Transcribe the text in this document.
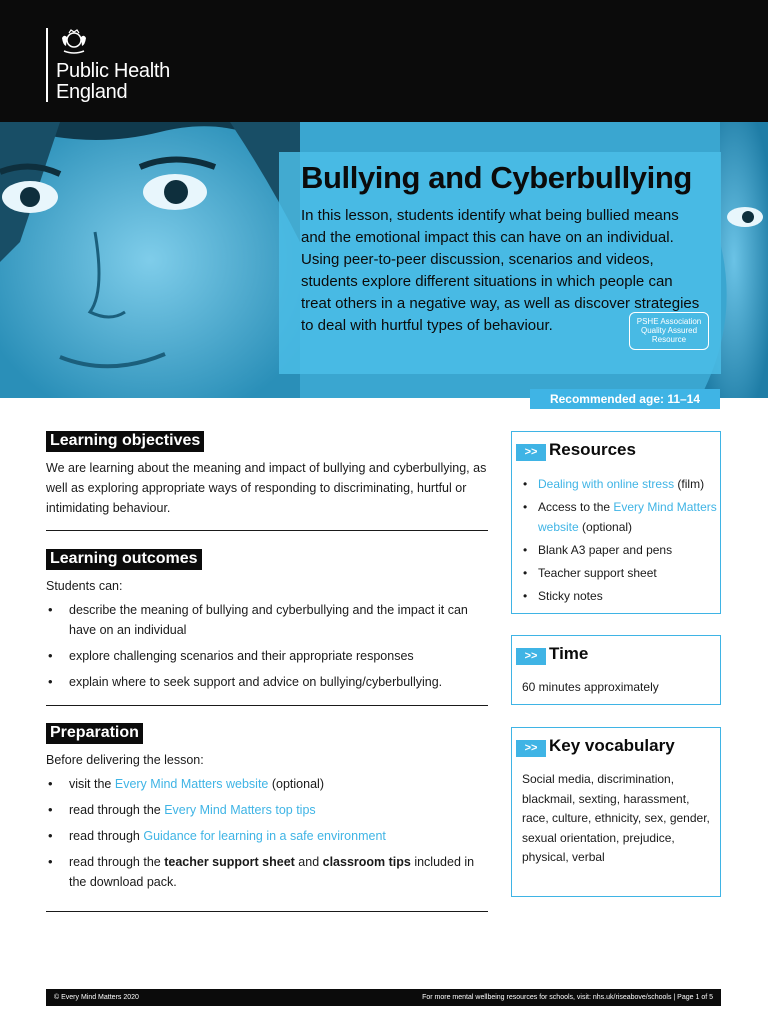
Public Health
England
Bullying and Cyberbullying
In this lesson, students identify what being bullied means and the emotional impact this can have on an individual. Using peer-to-peer discussion, scenarios and videos, students explore different situations in which people can treat others in a negative way, as well as discover strategies to deal with hurtful types of behaviour.	PSHE Association
Quality Assured
Resource
Recommended age: 11–14
Learning objectives
We are learning about the meaning and impact of bullying and cyberbullying, as well as exploring appropriate ways of responding to discriminating, hurtful or intimidating behaviour.
Learning outcomes
Students can:
• describe the meaning of bullying and cyberbullying and the impact it can have on an individual
• explore challenging scenarios and their appropriate responses
• explain where to seek support and advice on bullying/cyberbullying.
Preparation
Before delivering the lesson:
• visit the Every Mind Matters website (optional)
• read through the Every Mind Matters top tips
• read through Guidance for learning in a safe environment
• read through the teacher support sheet and classroom tips included in the download pack.
>> Resources
• Dealing with online stress (film)
• Access to the Every Mind Matters website (optional)
• Blank A3 paper and pens
• Teacher support sheet
• Sticky notes
>> Time
60 minutes approximately
>> Key vocabulary
Social media, discrimination, blackmail, sexting, harassment, race, culture, ethnicity, sex, gender, sexual orientation, prejudice, physical, verbal
© Every Mind Matters 2020	For more mental wellbeing resources for schools, visit: nhs.uk/riseabove/schools | Page 1 of 5
